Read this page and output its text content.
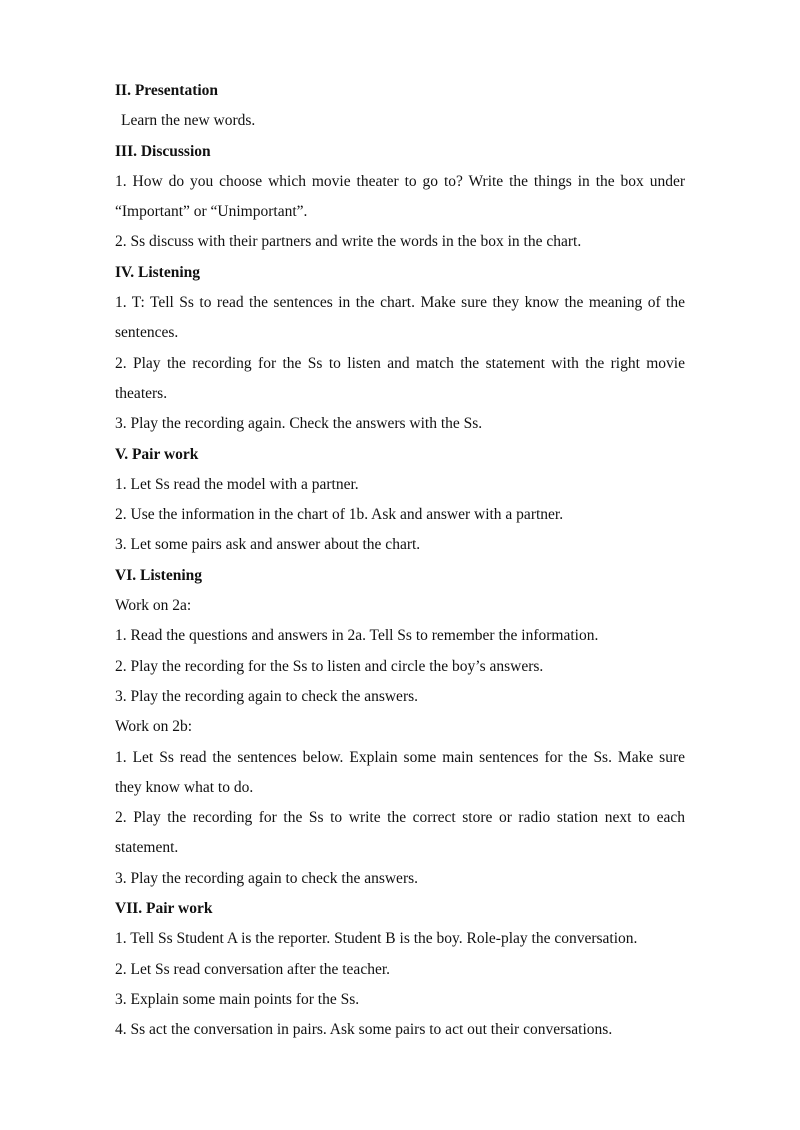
II. Presentation
Learn the new words.
III. Discussion
1. How do you choose which movie theater to go to? Write the things in the box under
“Important” or “Unimportant”.
2. Ss discuss with their partners and write the words in the box in the chart.
IV. Listening
1. T: Tell Ss to read the sentences in the chart. Make sure they know the meaning of the
sentences.
2. Play the recording for the Ss to listen and match the statement with the right movie
theaters.
3. Play the recording again. Check the answers with the Ss.
V. Pair work
1. Let Ss read the model with a partner.
2. Use the information in the chart of 1b. Ask and answer with a partner.
3. Let some pairs ask and answer about the chart.
VI. Listening
Work on 2a:
1. Read the questions and answers in 2a. Tell Ss to remember the information.
2. Play the recording for the Ss to listen and circle the boy’s answers.
3. Play the recording again to check the answers.
Work on 2b:
1. Let Ss read the sentences below. Explain some main sentences for the Ss. Make sure
they know what to do.
2. Play the recording for the Ss to write the correct store or radio station next to each
statement.
3. Play the recording again to check the answers.
VII. Pair work
1. Tell Ss Student A is the reporter. Student B is the boy. Role-play the conversation.
2. Let Ss read conversation after the teacher.
3. Explain some main points for the Ss.
4. Ss act the conversation in pairs. Ask some pairs to act out their conversations.
